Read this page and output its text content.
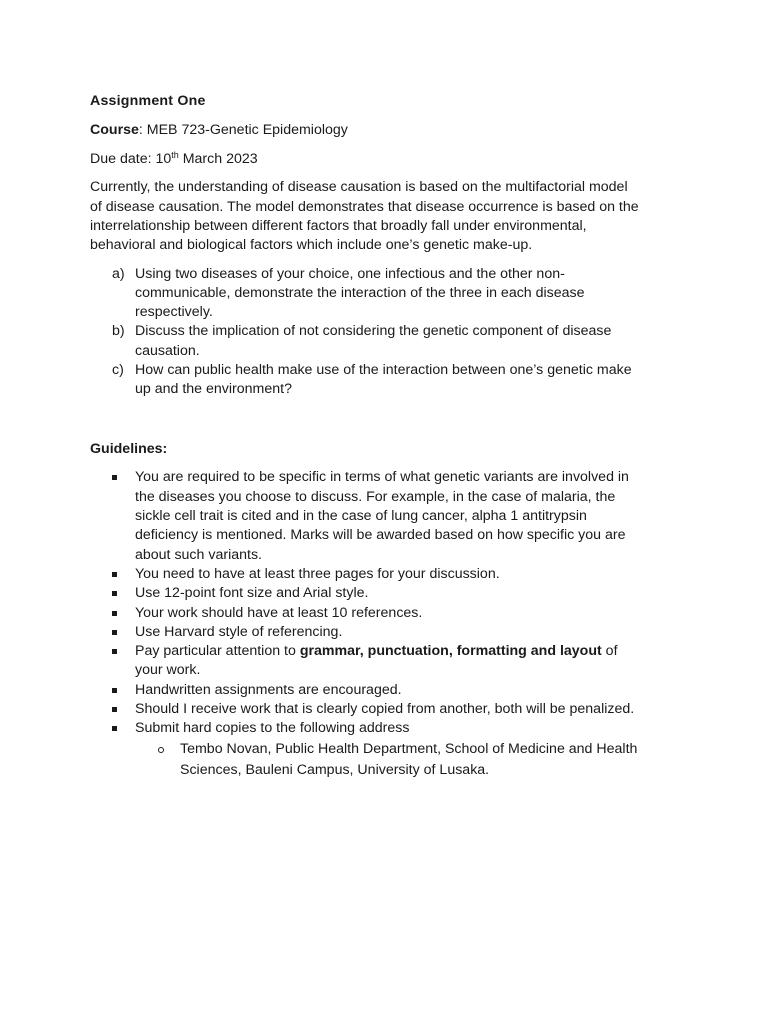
Assignment One
Course: MEB 723-Genetic Epidemiology
Due date: 10th March 2023
Currently, the understanding of disease causation is based on the multifactorial model
of disease causation. The model demonstrates that disease occurrence is based on the
interrelationship between different factors that broadly fall under environmental,
behavioral and biological factors which include one’s genetic make-up.
a) Using two diseases of your choice, one infectious and the other non-
communicable, demonstrate the interaction of the three in each disease
respectively.
b) Discuss the implication of not considering the genetic component of disease
causation.
c) How can public health make use of the interaction between one’s genetic make
up and the environment?
Guidelines:
You are required to be specific in terms of what genetic variants are involved in
the diseases you choose to discuss. For example, in the case of malaria, the
sickle cell trait is cited and in the case of lung cancer, alpha 1 antitrypsin
deficiency is mentioned. Marks will be awarded based on how specific you are
about such variants.
You need to have at least three pages for your discussion.
Use 12-point font size and Arial style.
Your work should have at least 10 references.
Use Harvard style of referencing.
Pay particular attention to grammar, punctuation, formatting and layout of
your work.
Handwritten assignments are encouraged.
Should I receive work that is clearly copied from another, both will be penalized.
Submit hard copies to the following address
Tembo Novan, Public Health Department, School of Medicine and Health
Sciences, Bauleni Campus, University of Lusaka.
